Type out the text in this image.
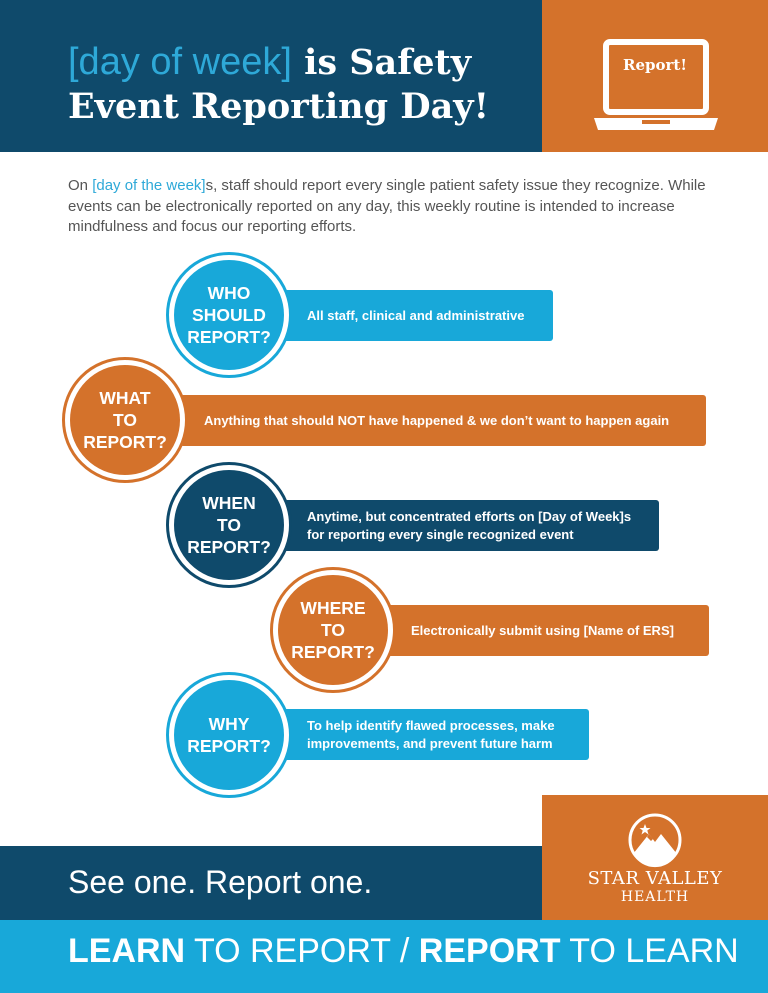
[day of week] is Safety
Event Reporting Day!
Report!
On [day of the week]s, staff should report every single patient safety issue they recognize. While events can be electronically reported on any day, this weekly routine is intended to increase mindfulness and focus our reporting efforts.
All staff, clinical and administrative
WHO
SHOULD
REPORT?
Anything that should NOT have happened & we don’t want to happen again
WHAT
TO
REPORT?
Anytime, but concentrated efforts on [Day of Week]s
for reporting every single recognized event
WHEN
TO
REPORT?
Electronically submit using [Name of ERS]
WHERE
TO
REPORT?
To help identify flawed processes, make
improvements, and prevent future harm
WHY
REPORT?
See one. Report one.	STAR VALLEY
HEALTH
LEARN TO REPORT / REPORT TO LEARN
